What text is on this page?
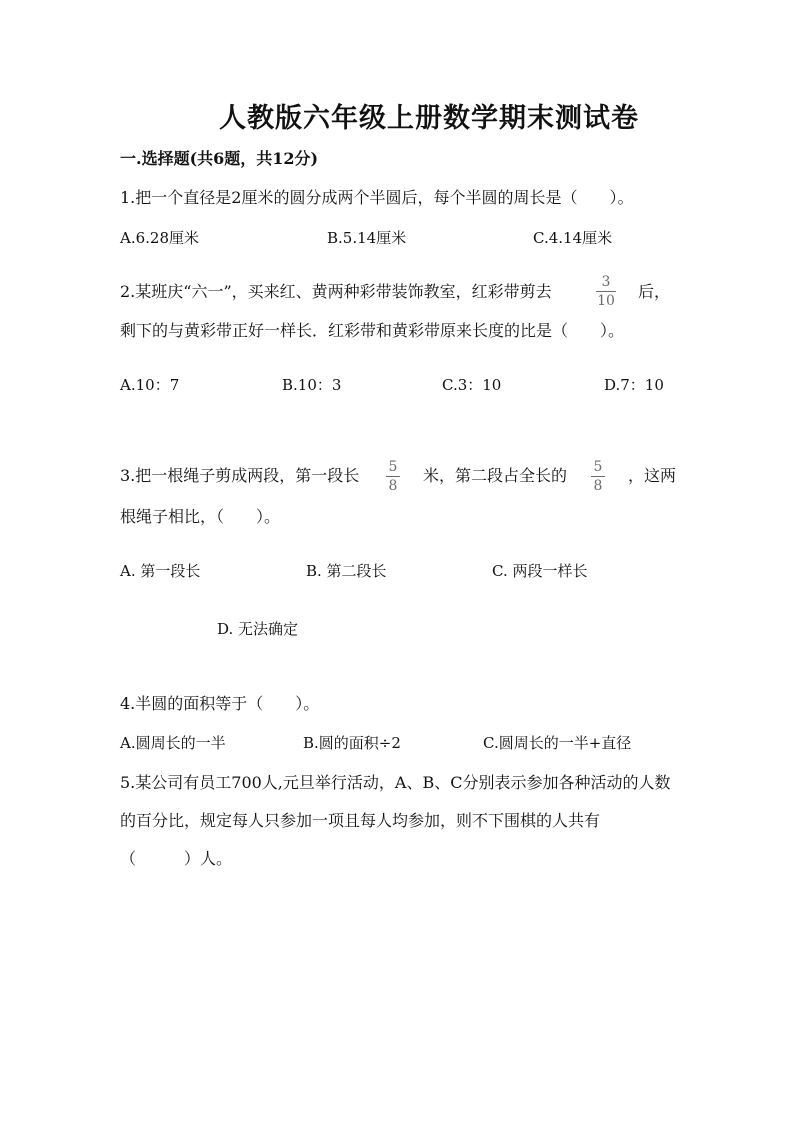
人教版六年级上册数学期末测试卷
一.选择题(共6题，共12分)
1.把一个直径是2厘米的圆分成两个半圆后，每个半圆的周长是（　　）。
A.6.28厘米	B.5.14厘米	C.4.14厘米
2.某班庆“六一”，买来红、黄两种彩带装饰教室，红彩带剪去	3
10
后，
剩下的与黄彩带正好一样长．红彩带和黄彩带原来长度的比是（　　）。
A.10：7	B.10：3	C.3：10	D.7：10
3.把一根绳子剪成两段，第一段长 5
8
米，第二段占全长的 5
8
，这两
根绳子相比，（　　）。
A. 第一段长	B. 第二段长	C. 两段一样长
D. 无法确定
4.半圆的面积等于（　　）。
A.圆周长的一半	B.圆的面积÷2	C.圆周长的一半+直径
5.某公司有员工700人,元旦举行活动，A、B、C分别表示参加各种活动的人数
的百分比，规定每人只参加一项且每人均参加，则不下围棋的人共有
（　　　）人。
